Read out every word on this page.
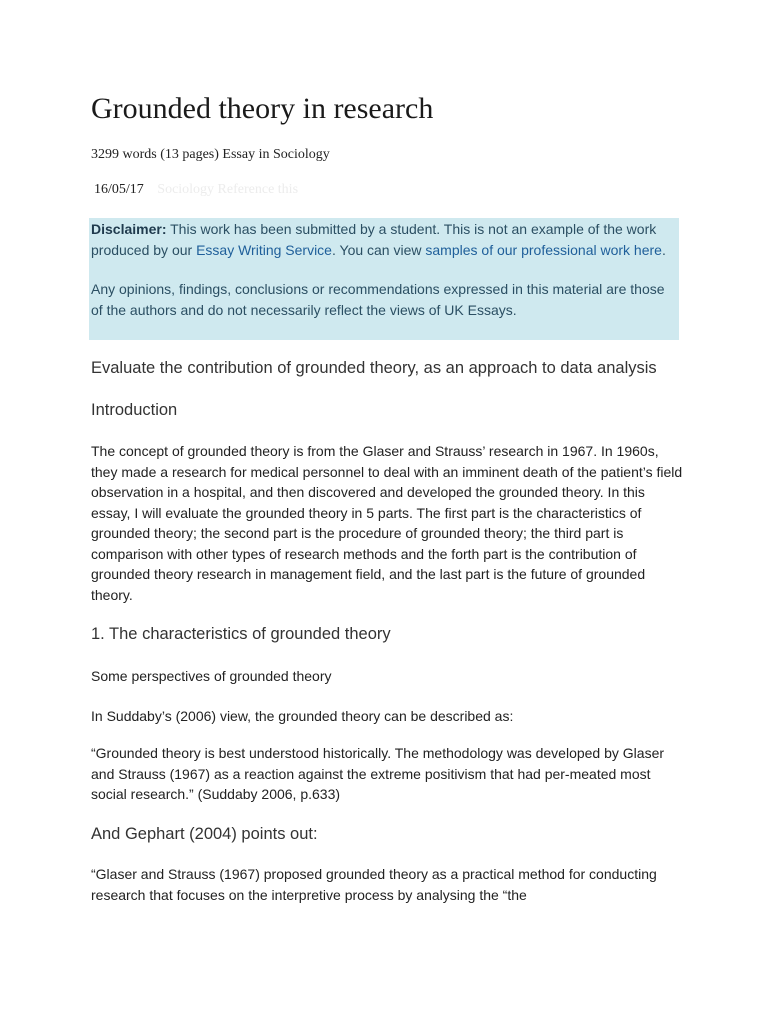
Grounded theory in research
3299 words (13 pages) Essay in Sociology
16/05/17 Sociology Reference this

Disclaimer: This work has been submitted by a student. This is not an example of the work produced by our Essay Writing Service. You can view samples of our professional work here.

Any opinions, findings, conclusions or recommendations expressed in this material are those of the authors and do not necessarily reflect the views of UK Essays.

Evaluate the contribution of grounded theory, as an approach to data analysis
Introduction

The concept of grounded theory is from the Glaser and Strauss’ research in 1967. In 1960s, they made a research for medical personnel to deal with an imminent death of the patient’s field observation in a hospital, and then discovered and developed the grounded theory. In this essay, I will evaluate the grounded theory in 5 parts. The first part is the characteristics of grounded theory; the second part is the procedure of grounded theory; the third part is comparison with other types of research methods and the forth part is the contribution of grounded theory research in management field, and the last part is the future of grounded theory.

1. The characteristics of grounded theory

Some perspectives of grounded theory

In Suddaby’s (2006) view, the grounded theory can be described as:

“Grounded theory is best understood historically. The methodology was developed by Glaser and Strauss (1967) as a reaction against the extreme positivism that had per-meated most social research.” (Suddaby 2006, p.633)

And Gephart (2004) points out:

“Glaser and Strauss (1967) proposed grounded theory as a practical method for conducting research that focuses on the interpretive process by analysing the “the
